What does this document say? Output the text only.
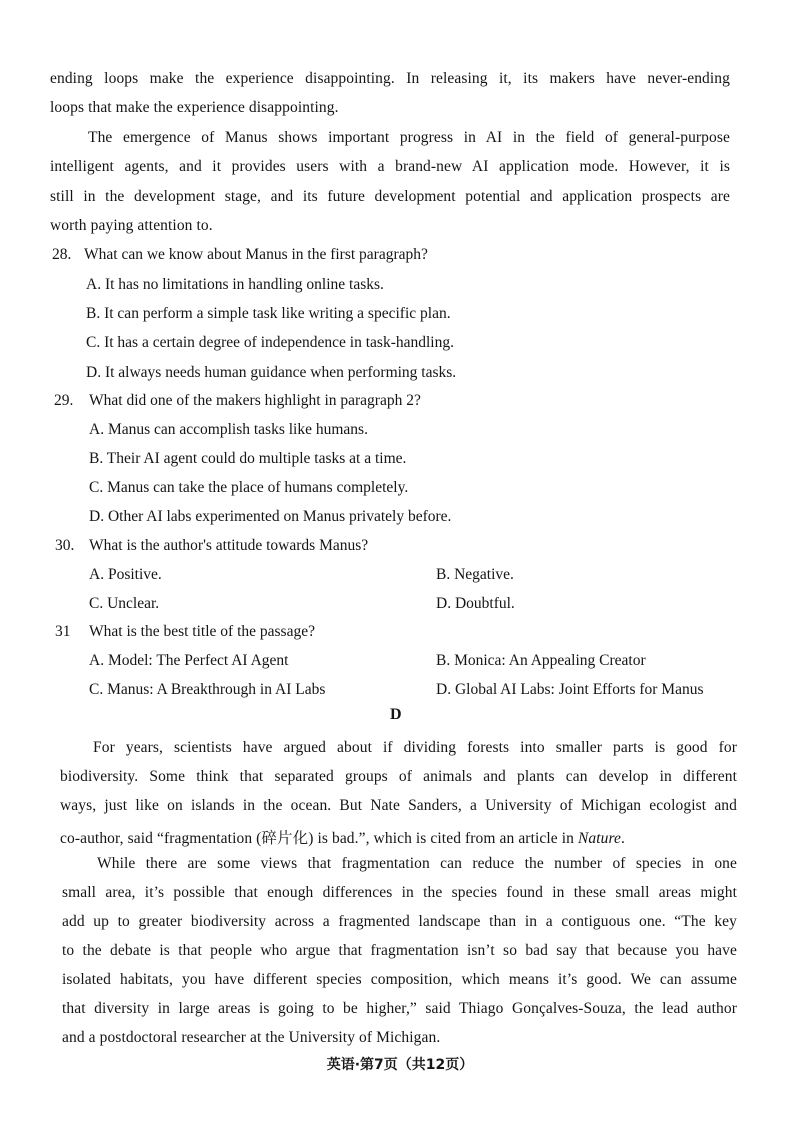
ending loops make the experience disappointing. In releasing it, its makers have never-ending
loops that make the experience disappointing.
The emergence of Manus shows important progress in AI in the field of general-purpose
intelligent agents, and it provides users with a brand-new AI application mode. However, it is
still in the development stage, and its future development potential and application prospects are
worth paying attention to.
28. What can we know about Manus in the first paragraph?
A. It has no limitations in handling online tasks.
B. It can perform a simple task like writing a specific plan.
C. It has a certain degree of independence in task-handling.
D. It always needs human guidance when performing tasks.
29. What did one of the makers highlight in paragraph 2?
A. Manus can accomplish tasks like humans.
B. Their AI agent could do multiple tasks at a time.
C. Manus can take the place of humans completely.
D. Other AI labs experimented on Manus privately before.
30. What is the author's attitude towards Manus?
A. Positive.	B. Negative.
C. Unclear.	D. Doubtful.
31 What is the best title of the passage?
A. Model: The Perfect AI Agent	B. Monica: An Appealing Creator
C. Manus: A Breakthrough in AI Labs	D. Global AI Labs: Joint Efforts for Manus
D
For years, scientists have argued about if dividing forests into smaller parts is good for
biodiversity. Some think that separated groups of animals and plants can develop in different
ways, just like on islands in the ocean. But Nate Sanders, a University of Michigan ecologist and
co-author, said “fragmentation (碎片化) is bad.”, which is cited from an article in Nature.
While there are some views that fragmentation can reduce the number of species in one
small area, it’s possible that enough differences in the species found in these small areas might
add up to greater biodiversity across a fragmented landscape than in a contiguous one. “The key
to the debate is that people who argue that fragmentation isn’t so bad say that because you have
isolated habitats, you have different species composition, which means it’s good. We can assume
that diversity in large areas is going to be higher,” said Thiago Gonçalves-Souza, the lead author
and a postdoctoral researcher at the University of Michigan.
英语·第7页（共12页）
